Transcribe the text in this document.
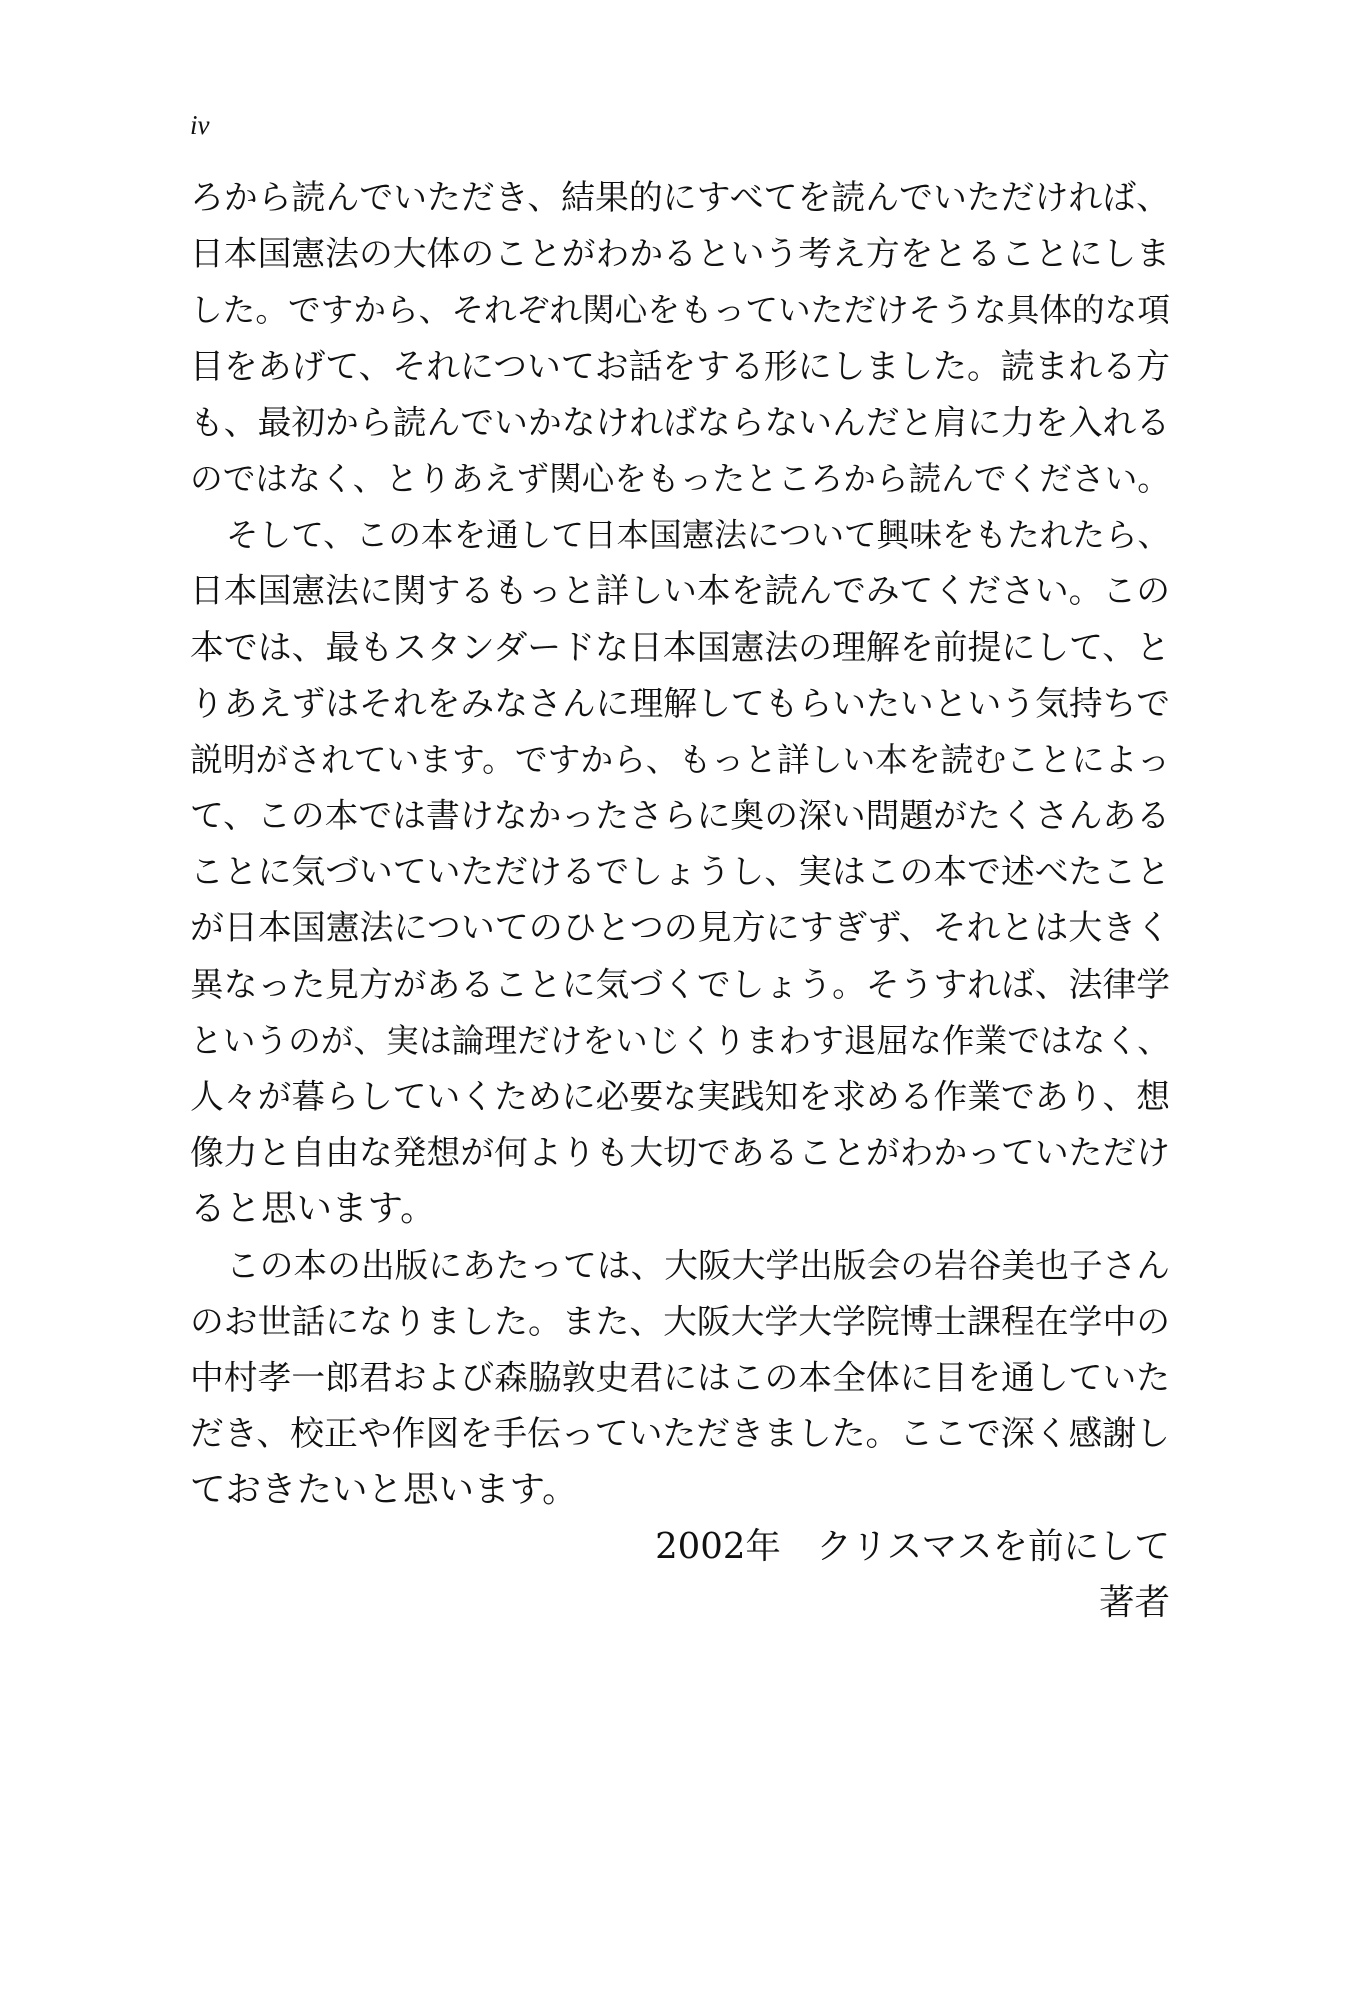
iv
ろから読んでいただき、結果的にすべてを読んでいただければ、
日本国憲法の大体のことがわかるという考え方をとることにしま
した。ですから、それぞれ関心をもっていただけそうな具体的な項
目をあげて、それについてお話をする形にしました。読まれる方
も、最初から読んでいかなければならないんだと肩に力を入れる
のではなく、とりあえず関心をもったところから読んでください。
そして、この本を通して日本国憲法について興味をもたれたら、
日本国憲法に関するもっと詳しい本を読んでみてください。この
本では、最もスタンダードな日本国憲法の理解を前提にして、と
りあえずはそれをみなさんに理解してもらいたいという気持ちで
説明がされています。ですから、もっと詳しい本を読むことによっ
て、この本では書けなかったさらに奥の深い問題がたくさんある
ことに気づいていただけるでしょうし、実はこの本で述べたこと
が日本国憲法についてのひとつの見方にすぎず、それとは大きく
異なった見方があることに気づくでしょう。そうすれば、法律学
というのが、実は論理だけをいじくりまわす退屈な作業ではなく、
人々が暮らしていくために必要な実践知を求める作業であり、想
像力と自由な発想が何よりも大切であることがわかっていただけ
ると思います。
この本の出版にあたっては、大阪大学出版会の岩谷美也子さん
のお世話になりました。また、大阪大学大学院博士課程在学中の
中村孝一郎君および森脇敦史君にはこの本全体に目を通していた
だき、校正や作図を手伝っていただきました。ここで深く感謝し
ておきたいと思います。
2002年　クリスマスを前にして
著者
